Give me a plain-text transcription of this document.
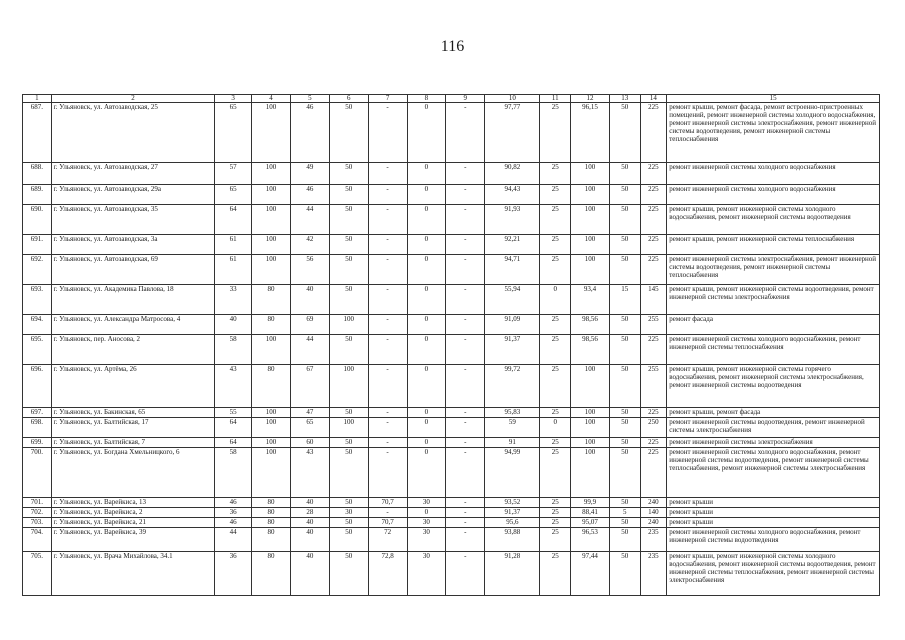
116
1	2	3	4	5	6	7	8	9	10	11	12	13	14	15
687.	г. Ульяновск, ул. Автозаводская, 25	65	100	46	50	-	0	-	97,77	25	96,15	50	225	ремонт крыши, ремонт фасада, ремонт встроенно-пристроенных помещений, ремонт инженерной системы холодного водоснабжения, ремонт инженерной системы электроснабжения, ремонт инженерной системы водоотведения, ремонт инженерной системы теплоснабжения
688.	г. Ульяновск, ул. Автозаводская, 27	57	100	49	50	-	0	-	90,82	25	100	50	225	ремонт инженерной системы холодного водоснабжения
689.	г. Ульяновск, ул. Автозаводская, 29а	65	100	46	50	-	0	-	94,43	25	100	50	225	ремонт инженерной системы холодного водоснабжения
690.	г. Ульяновск, ул. Автозаводская, 35	64	100	44	50	-	0	-	91,93	25	100	50	225	ремонт крыши, ремонт инженерной системы холодного водоснабжения, ремонт инженерной системы водоотведения
691.	г. Ульяновск, ул. Автозаводская, 3а	61	100	42	50	-	0	-	92,21	25	100	50	225	ремонт крыши, ремонт инженерной системы теплоснабжения
692.	г. Ульяновск, ул. Автозаводская, 69	61	100	56	50	-	0	-	94,71	25	100	50	225	ремонт инженерной системы электроснабжения, ремонт инженерной системы водоотведения, ремонт инженерной системы теплоснабжения
693.	г. Ульяновск, ул. Академика Павлова, 18	33	80	40	50	-	0	-	55,94	0	93,4	15	145	ремонт крыши, ремонт инженерной системы водоотведения, ремонт инженерной системы электроснабжения
694.	г. Ульяновск, ул. Александра Матросова, 4	40	80	69	100	-	0	-	91,09	25	98,56	50	255	ремонт фасада
695.	г. Ульяновск, пер. Аносова, 2	58	100	44	50	-	0	-	91,37	25	98,56	50	225	ремонт инженерной системы холодного водоснабжения, ремонт инженерной системы теплоснабжения
696.	г. Ульяновск, ул. Артёма, 26	43	80	67	100	-	0	-	99,72	25	100	50	255	ремонт крыши, ремонт инженерной системы горячего водоснабжения, ремонт инженерной системы электроснабжения, ремонт инженерной системы водоотведения
697.	г. Ульяновск, ул. Бакинская, 65	55	100	47	50	-	0	-	95,83	25	100	50	225	ремонт крыши, ремонт фасада
698.	г. Ульяновск, ул. Балтийская, 17	64	100	65	100	-	0	-	59	0	100	50	250	ремонт инженерной системы водоотведения, ремонт инженерной системы электроснабжения
699.	г. Ульяновск, ул. Балтийская, 7	64	100	60	50	-	0	-	91	25	100	50	225	ремонт инженерной системы электроснабжения
700.	г. Ульяновск, ул. Богдана Хмельницкого, 6	58	100	43	50	-	0	-	94,99	25	100	50	225	ремонт инженерной системы холодного водоснабжения, ремонт инженерной системы водоотведения, ремонт инженерной системы теплоснабжения, ремонт инженерной системы электроснабжения
701.	г. Ульяновск, ул. Варейкиса, 13	46	80	40	50	70,7	30	-	93,52	25	99,9	50	240	ремонт крыши
702.	г. Ульяновск, ул. Варейкиса, 2	36	80	28	30	-	0	-	91,37	25	88,41	5	140	ремонт крыши
703.	г. Ульяновск, ул. Варейкиса, 21	46	80	40	50	70,7	30	-	95,6	25	95,07	50	240	ремонт крыши
704.	г. Ульяновск, ул. Варейкиса, 39	44	80	40	50	72	30	-	93,88	25	96,53	50	235	ремонт инженерной системы холодного водоснабжения, ремонт инженерной системы водоотведения
705.	г. Ульяновск, ул. Врача Михайлова, 34.1	36	80	40	50	72,8	30	-	91,28	25	97,44	50	235	ремонт крыши, ремонт инженерной системы холодного водоснабжения, ремонт инженерной системы водоотведения, ремонт инженерной системы теплоснабжения, ремонт инженерной системы электроснабжения
